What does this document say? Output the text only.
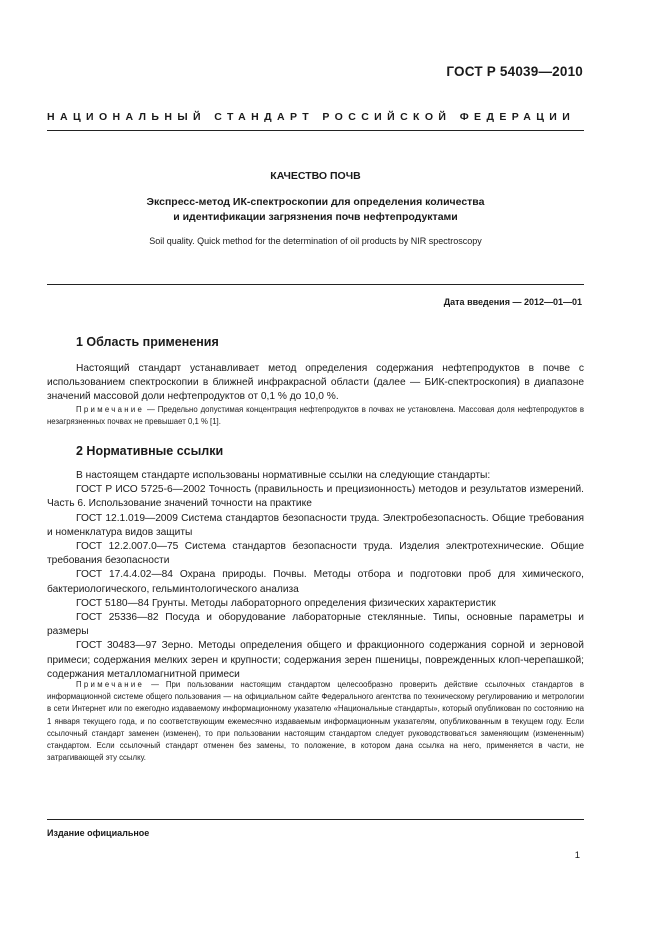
ГОСТ Р 54039—2010
НАЦИОНАЛЬНЫЙ СТАНДАРТ РОССИЙСКОЙ ФЕДЕРАЦИИ
КАЧЕСТВО ПОЧВ
Экспресс-метод ИК-спектроскопии для определения количества
и идентификации загрязнения почв нефтепродуктами
Soil quality. Quick method for the determination of oil products by NIR spectroscopy
Дата введения — 2012—01—01
1 Область применения

Настоящий стандарт устанавливает метод определения содержания нефтепродуктов в почве с использованием спектроскопии в ближней инфракрасной области (далее — БИК-спектроскопия) в диапазоне значений массовой доли нефтепродуктов от 0,1 % до 10,0 %.

Примечание — Предельно допустимая концентрация нефтепродуктов в почвах не установлена. Массовая доля нефтепродуктов в незагрязненных почвах не превышает 0,1 % [1].

2 Нормативные ссылки

В настоящем стандарте использованы нормативные ссылки на следующие стандарты:

ГОСТ Р ИСО 5725-6—2002 Точность (правильность и прецизионность) методов и результатов измерений. Часть 6. Использование значений точности на практике

ГОСТ 12.1.019—2009 Система стандартов безопасности труда. Электробезопасность. Общие требования и номенклатура видов защиты

ГОСТ 12.2.007.0—75 Система стандартов безопасности труда. Изделия электротехнические. Общие требования безопасности

ГОСТ 17.4.4.02—84 Охрана природы. Почвы. Методы отбора и подготовки проб для химического, бактериологического, гельминтологического анализа

ГОСТ 5180—84 Грунты. Методы лабораторного определения физических характеристик

ГОСТ 25336—82 Посуда и оборудование лабораторные стеклянные. Типы, основные параметры и размеры

ГОСТ 30483—97 Зерно. Методы определения общего и фракционного содержания сорной и зерновой примеси; содержания мелких зерен и крупности; содержания зерен пшеницы, поврежденных клоп-черепашкой; содержания металломагнитной примеси

Примечание — При пользовании настоящим стандартом целесообразно проверить действие ссылочных стандартов в информационной системе общего пользования — на официальном сайте Федерального агентства по техническому регулированию и метрологии в сети Интернет или по ежегодно издаваемому информационному указателю «Национальные стандарты», который опубликован по состоянию на 1 января текущего года, и по соответствующим ежемесячно издаваемым информационным указателям, опубликованным в текущем году. Если ссылочный стандарт заменен (изменен), то при пользовании настоящим стандартом следует руководствоваться заменяющим (измененным) стандартом. Если ссылочный стандарт отменен без замены, то положение, в котором дана ссылка на него, применяется в части, не затрагивающей эту ссылку.

Издание официальное
1
